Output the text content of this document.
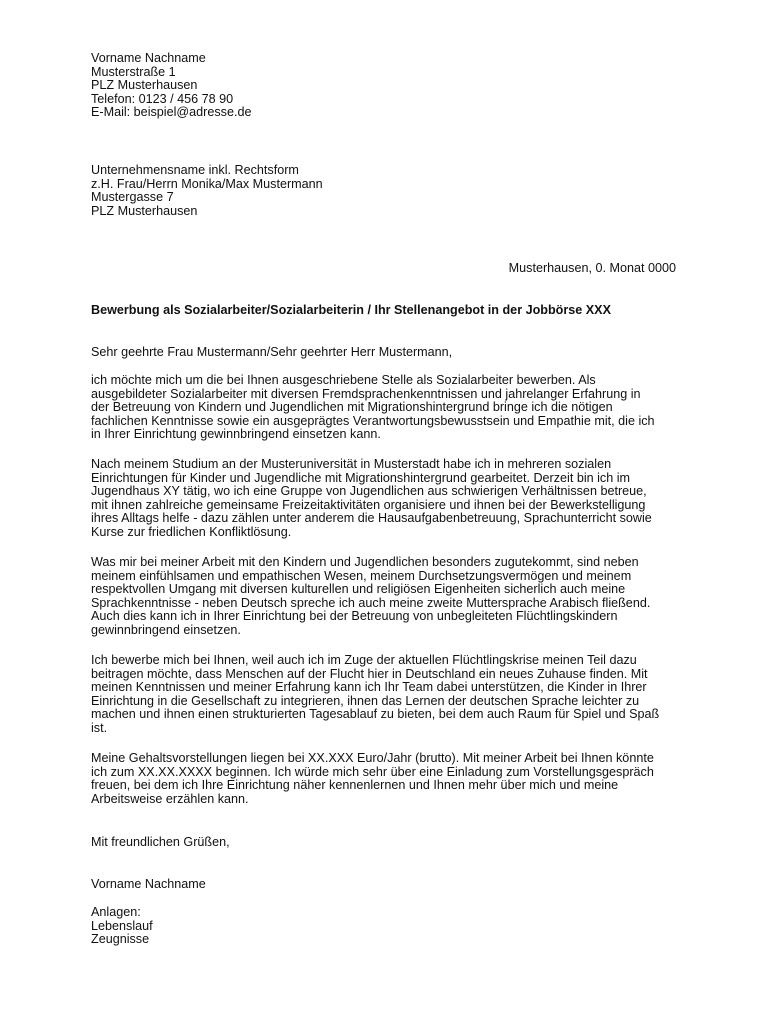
Vorname Nachname
Musterstraße 1
PLZ Musterhausen
Telefon: 0123 / 456 78 90
E-Mail: beispiel@adresse.de
Unternehmensname inkl. Rechtsform
z.H. Frau/Herrn Monika/Max Mustermann
Mustergasse 7
PLZ Musterhausen
Musterhausen, 0. Monat 0000
Bewerbung als Sozialarbeiter/Sozialarbeiterin / Ihr Stellenangebot in der Jobbörse XXX
Sehr geehrte Frau Mustermann/Sehr geehrter Herr Mustermann,
ich möchte mich um die bei Ihnen ausgeschriebene Stelle als Sozialarbeiter bewerben. Als
ausgebildeter Sozialarbeiter mit diversen Fremdsprachenkenntnissen und jahrelanger Erfahrung in
der Betreuung von Kindern und Jugendlichen mit Migrationshintergrund bringe ich die nötigen
fachlichen Kenntnisse sowie ein ausgeprägtes Verantwortungsbewusstsein und Empathie mit, die ich
in Ihrer Einrichtung gewinnbringend einsetzen kann.
Nach meinem Studium an der Musteruniversität in Musterstadt habe ich in mehreren sozialen
Einrichtungen für Kinder und Jugendliche mit Migrationshintergrund gearbeitet. Derzeit bin ich im
Jugendhaus XY tätig, wo ich eine Gruppe von Jugendlichen aus schwierigen Verhältnissen betreue,
mit ihnen zahlreiche gemeinsame Freizeitaktivitäten organisiere und ihnen bei der Bewerkstelligung
ihres Alltags helfe - dazu zählen unter anderem die Hausaufgabenbetreuung, Sprachunterricht sowie
Kurse zur friedlichen Konfliktlösung.
Was mir bei meiner Arbeit mit den Kindern und Jugendlichen besonders zugutekommt, sind neben
meinem einfühlsamen und empathischen Wesen, meinem Durchsetzungsvermögen und meinem
respektvollen Umgang mit diversen kulturellen und religiösen Eigenheiten sicherlich auch meine
Sprachkenntnisse - neben Deutsch spreche ich auch meine zweite Muttersprache Arabisch fließend.
Auch dies kann ich in Ihrer Einrichtung bei der Betreuung von unbegleiteten Flüchtlingskindern
gewinnbringend einsetzen.
Ich bewerbe mich bei Ihnen, weil auch ich im Zuge der aktuellen Flüchtlingskrise meinen Teil dazu
beitragen möchte, dass Menschen auf der Flucht hier in Deutschland ein neues Zuhause finden. Mit
meinen Kenntnissen und meiner Erfahrung kann ich Ihr Team dabei unterstützen, die Kinder in Ihrer
Einrichtung in die Gesellschaft zu integrieren, ihnen das Lernen der deutschen Sprache leichter zu
machen und ihnen einen strukturierten Tagesablauf zu bieten, bei dem auch Raum für Spiel und Spaß
ist.
Meine Gehaltsvorstellungen liegen bei XX.XXX Euro/Jahr (brutto). Mit meiner Arbeit bei Ihnen könnte
ich zum XX.XX.XXXX beginnen. Ich würde mich sehr über eine Einladung zum Vorstellungsgespräch
freuen, bei dem ich Ihre Einrichtung näher kennenlernen und Ihnen mehr über mich und meine
Arbeitsweise erzählen kann.
Mit freundlichen Grüßen,
Vorname Nachname
Anlagen:
Lebenslauf
Zeugnisse
